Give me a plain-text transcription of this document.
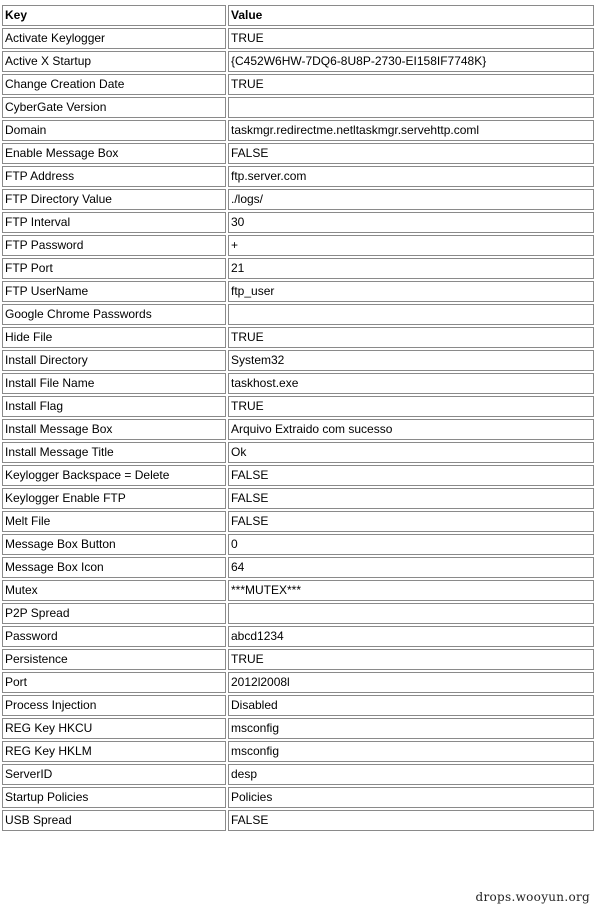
Key	Value
Activate Keylogger	TRUE
Active X Startup	{C452W6HW-7DQ6-8U8P-2730-EI158IF7748K}
Change Creation Date	TRUE
CyberGate Version	
Domain	taskmgr.redirectme.netltaskmgr.servehttp.coml
Enable Message Box	FALSE
FTP Address	ftp.server.com
FTP Directory Value	./logs/
FTP Interval	30
FTP Password	+
FTP Port	21
FTP UserName	ftp_user
Google Chrome Passwords	
Hide File	TRUE
Install Directory	System32
Install File Name	taskhost.exe
Install Flag	TRUE
Install Message Box	Arquivo Extraido com sucesso
Install Message Title	Ok
Keylogger Backspace = Delete	FALSE
Keylogger Enable FTP	FALSE
Melt File	FALSE
Message Box Button	0
Message Box Icon	64
Mutex	***MUTEX***
P2P Spread	
Password	abcd1234
Persistence	TRUE
Port	2012l2008l
Process Injection	Disabled
REG Key HKCU	msconfig
REG Key HKLM	msconfig
ServerID	desp
Startup Policies	Policies
USB Spread	FALSE
drops.wooyun.org
